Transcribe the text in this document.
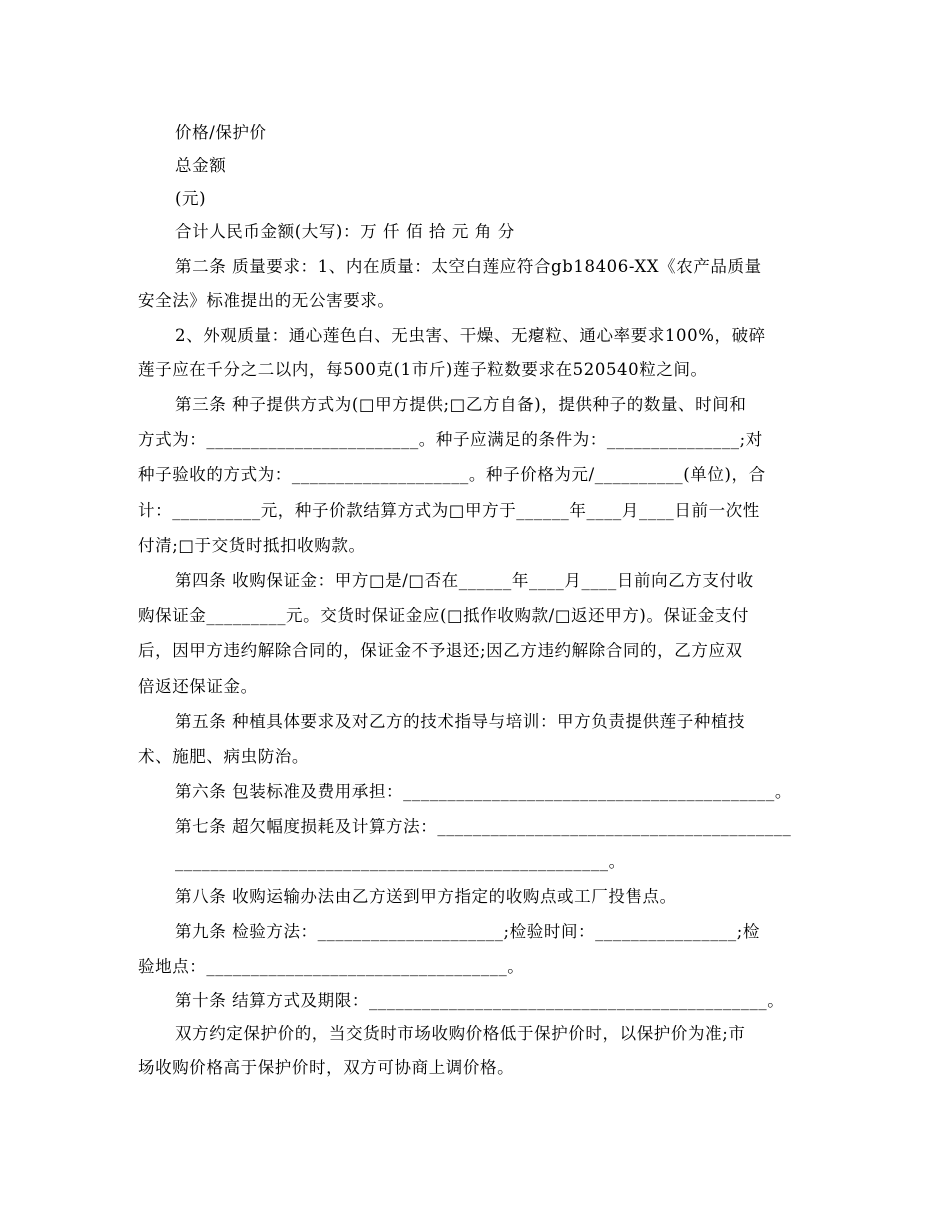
价格/保护价
总金额
(元)
合计人民币金额(大写)：万 仟 佰 拾 元 角 分
第二条 质量要求：1、内在质量：太空白莲应符合gb18406-XX《农产品质量
安全法》标准提出的无公害要求。
2、外观质量：通心莲色白、无虫害、干燥、无瘪粒、通心率要求100%，破碎
莲子应在千分之二以内，每500克(1市斤)莲子粒数要求在520540粒之间。
第三条 种子提供方式为(□甲方提供;□乙方自备)，提供种子的数量、时间和
方式为：________________________。种子应满足的条件为：_______________;对
种子验收的方式为：____________________。种子价格为元/__________(单位)，合
计：__________元，种子价款结算方式为□甲方于______年____月____日前一次性
付清;□于交货时抵扣收购款。
第四条 收购保证金：甲方□是/□否在______年____月____日前向乙方支付收
购保证金_________元。交货时保证金应(□抵作收购款/□返还甲方)。保证金支付
后，因甲方违约解除合同的，保证金不予退还;因乙方违约解除合同的，乙方应双
倍返还保证金。
第五条 种植具体要求及对乙方的技术指导与培训：甲方负责提供莲子种植技
术、施肥、病虫防治。
第六条 包装标准及费用承担：__________________________________________。
第七条 超欠幅度损耗及计算方法：________________________________________
_________________________________________________。
第八条 收购运输办法由乙方送到甲方指定的收购点或工厂投售点。
第九条 检验方法：_____________________;检验时间：________________;检
验地点：__________________________________。
第十条 结算方式及期限：_____________________________________________。
双方约定保护价的，当交货时市场收购价格低于保护价时，以保护价为准;市
场收购价格高于保护价时，双方可协商上调价格。
